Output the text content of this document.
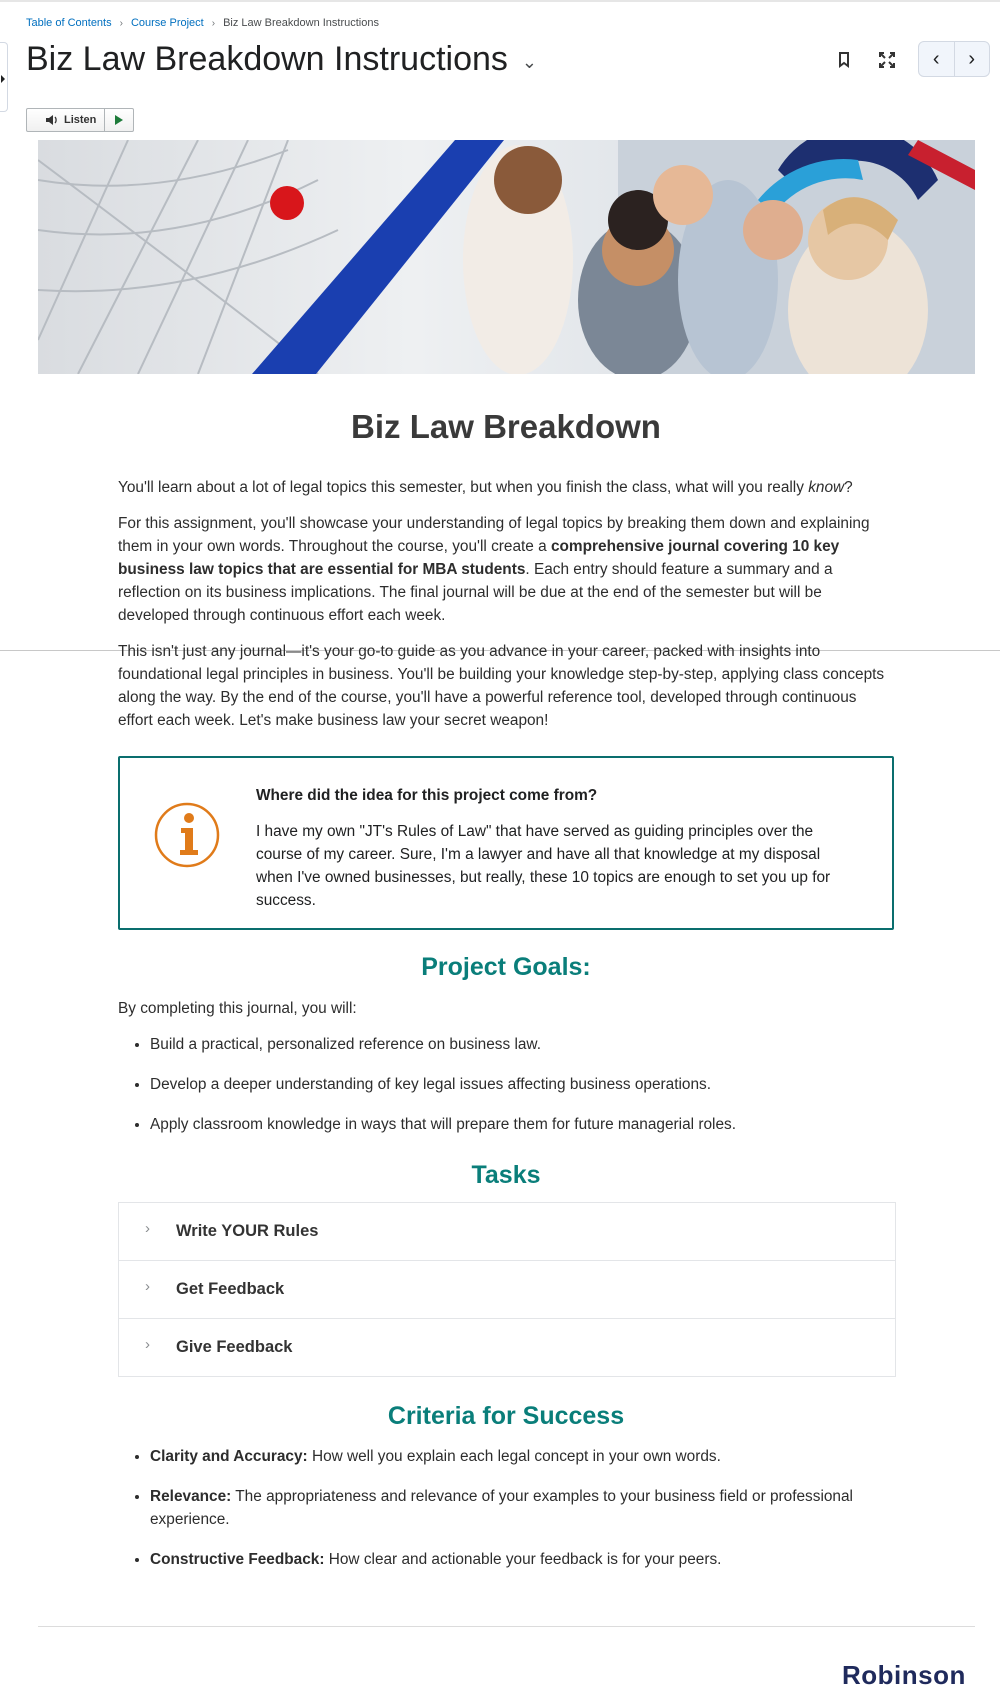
Table of Contents › Course Project › Biz Law Breakdown Instructions
Biz Law Breakdown Instructions ⌄	‹	›
Listen
Biz Law Breakdown

You'll learn about a lot of legal topics this semester, but when you finish the class, what will you really know?

For this assignment, you'll showcase your understanding of legal topics by breaking them down and explaining them in your own words. Throughout the course, you'll create a comprehensive journal covering 10 key business law topics that are essential for MBA students. Each entry should feature a summary and a reflection on its business implications. The final journal will be due at the end of the semester but will be developed through continuous effort each week.

This isn't just any journal—it's your go-to guide as you advance in your career, packed with insights into foundational legal principles in business. You'll be building your knowledge step-by-step, applying class concepts along the way. By the end of the course, you'll have a powerful reference tool, developed through continuous effort each week. Let's make business law your secret weapon!

Where did the idea for this project come from?
I have my own "JT's Rules of Law" that have served as guiding principles over the course of my career. Sure, I'm a lawyer and have all that knowledge at my disposal when I've owned businesses, but really, these 10 topics are enough to set you up for success.
Project Goals:

By completing this journal, you will:

• Build a practical, personalized reference on business law.
• Develop a deeper understanding of key legal issues affecting business operations.
• Apply classroom knowledge in ways that will prepare them for future managerial roles.
Tasks
› Write YOUR Rules
› Get Feedback
› Give Feedback
Criteria for Success
• Clarity and Accuracy: How well you explain each legal concept in your own words.
• Relevance: The appropriateness and relevance of your examples to your business field or professional experience.
• Constructive Feedback: How clear and actionable your feedback is for your peers.
Robinson
